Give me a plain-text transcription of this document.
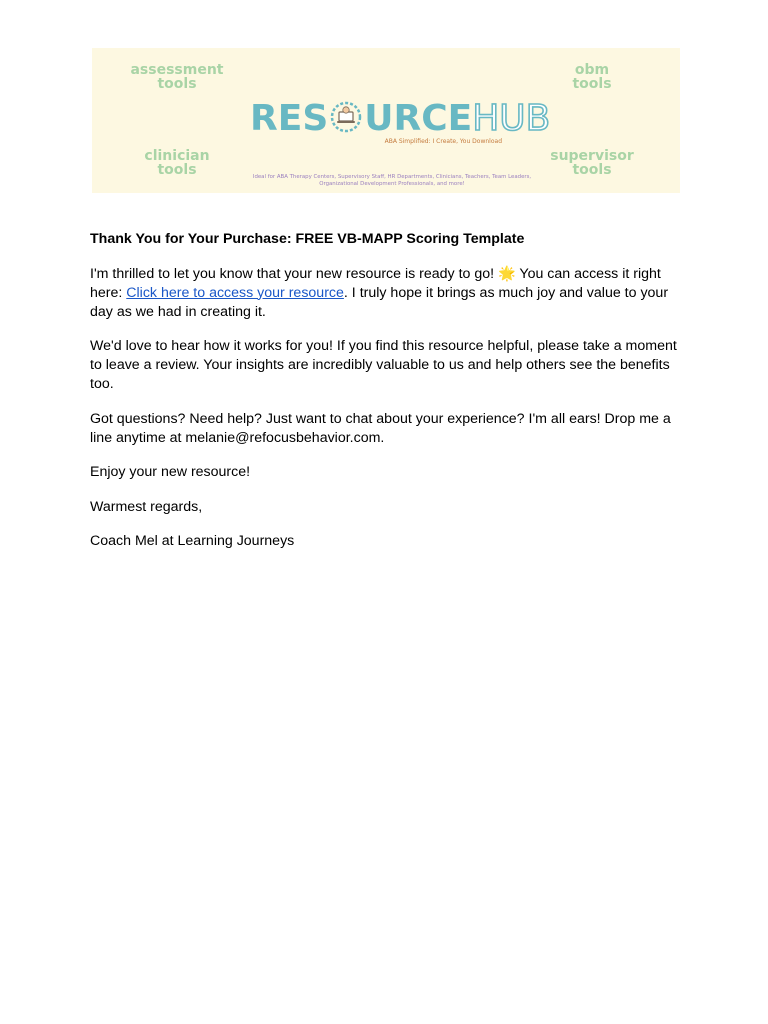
assessment
tools
obm
tools
clinician
tools
supervisor
tools
RES URCEHUB
ABA Simplified: I Create, You Download
Ideal for ABA Therapy Centers, Supervisory Staff, HR Departments, Clinicians, Teachers, Team Leaders,
Organizational Development Professionals, and more!

Thank You for Your Purchase: FREE VB-MAPP Scoring Template

I'm thrilled to let you know that your new resource is ready to go! 🌟 You can access it right here: Click here to access your resource. I truly hope it brings as much joy and value to your day as we had in creating it.

We'd love to hear how it works for you! If you find this resource helpful, please take a moment to leave a review. Your insights are incredibly valuable to us and help others see the benefits too.

Got questions? Need help? Just want to chat about your experience? I'm all ears! Drop me a line anytime at melanie@refocusbehavior.com.

Enjoy your new resource!

Warmest regards,

Coach Mel at Learning Journeys
